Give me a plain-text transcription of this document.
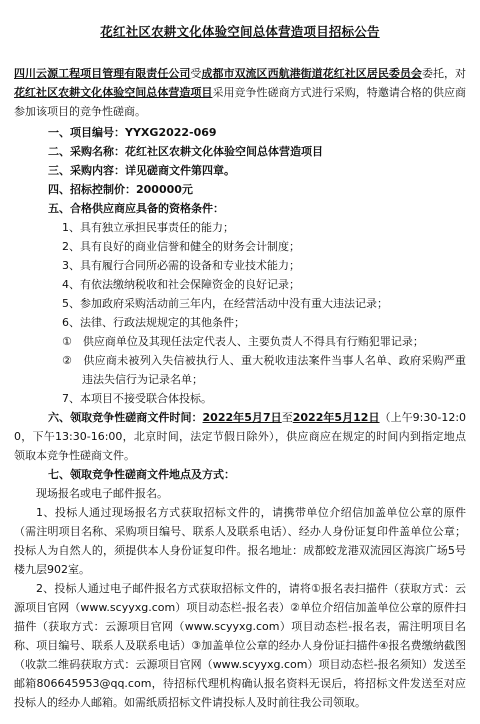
花红社区农耕文化体验空间总体营造项目招标公告

四川云源工程项目管理有限责任公司受成都市双流区西航港街道花红社区居民委员会委托，对花红社区农耕文化体验空间总体营造项目采用竞争性磋商方式进行采购，特邀请合格的供应商参加该项目的竞争性磋商。

一、项目编号：YYXG2022-069

二、采购名称：花红社区农耕文化体验空间总体营造项目

三、采购内容：详见磋商文件第四章。

四、招标控制价：200000元

五、合格供应商应具备的资格条件：

1、具有独立承担民事责任的能力；

2、具有良好的商业信誉和健全的财务会计制度；

3、具有履行合同所必需的设备和专业技术能力；

4、有依法缴纳税收和社会保障资金的良好记录；

5、参加政府采购活动前三年内，在经营活动中没有重大违法记录；

6、法律、行政法规规定的其他条件；

①　供应商单位及其现任法定代表人、主要负责人不得具有行贿犯罪记录；

②　供应商未被列入失信被执行人、重大税收违法案件当事人名单、政府采购严重违法失信行为记录名单；

7、本项目不接受联合体投标。

六、领取竞争性磋商文件时间：2022年5月7日至2022年5月12日（上午9:30-12:00，下午13:30-16:00，北京时间，法定节假日除外），供应商应在规定的时间内到指定地点领取本竞争性磋商文件。

七、领取竞争性磋商文件地点及方式：

现场报名或电子邮件报名。

1、投标人通过现场报名方式获取招标文件的，请携带单位介绍信加盖单位公章的原件（需注明项目名称、采购项目编号、联系人及联系电话）、经办人身份证复印件盖单位公章；投标人为自然人的，须提供本人身份证复印件。报名地址：成都蛟龙港双流园区海滨广场5号楼九层902室。

2、投标人通过电子邮件报名方式获取招标文件的，请将①报名表扫描件（获取方式：云源项目官网（www.scyyxg.com）项目动态栏-报名表）②单位介绍信加盖单位公章的原件扫描件（获取方式：云源项目官网（www.scyyxg.com）项目动态栏-报名表，需注明项目名称、项目编号、联系人及联系电话）③加盖单位公章的经办人身份证扫描件④报名费缴纳截图（收款二维码获取方式：云源项目官网（www.scyyxg.com）项目动态栏-报名须知）发送至邮箱806645953@qq.com，待招标代理机构确认报名资料无误后，将招标文件发送至对应投标人的经办人邮箱。如需纸质招标文件请投标人及时前往我公司领取。
